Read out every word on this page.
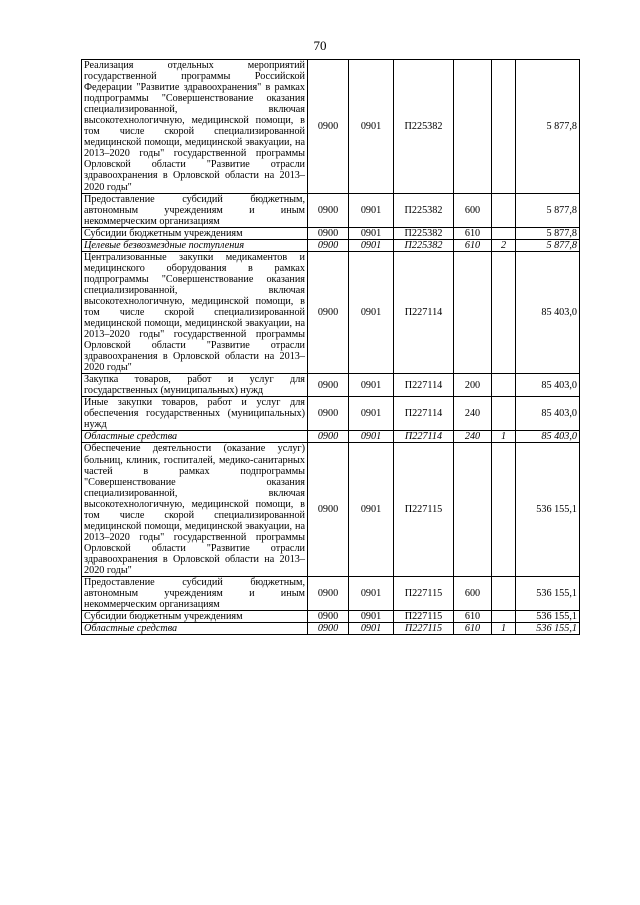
70
Реализация отдельных мероприятий государственной программы Российской Федерации "Развитие здравоохранения" в рамках подпрограммы "Совершенствование оказания специализированной, включая высокотехнологичную, медицинской помощи, в том числе скорой специализированной медицинской помощи, медицинской эвакуации, на 2013–2020 годы" государственной программы Орловской области "Развитие отрасли здравоохранения в Орловской области на 2013–2020 годы"	0900	0901	П225382			5 877,8
Предоставление субсидий бюджетным, автономным учреждениям и иным некоммерческим организациям	0900	0901	П225382	600		5 877,8
Субсидии бюджетным учреждениям	0900	0901	П225382	610		5 877,8
Целевые безвозмездные поступления	0900	0901	П225382	610	2	5 877,8
Централизованные закупки медикаментов и медицинского оборудования в рамках подпрограммы "Совершенствование оказания специализированной, включая высокотехнологичную, медицинской помощи, в том числе скорой специализированной медицинской помощи, медицинской эвакуации, на 2013–2020 годы" государственной программы Орловской области "Развитие отрасли здравоохранения в Орловской области на 2013–2020 годы"	0900	0901	П227114			85 403,0
Закупка товаров, работ и услуг для государственных (муниципальных) нужд	0900	0901	П227114	200		85 403,0
Иные закупки товаров, работ и услуг для обеспечения государственных (муниципальных) нужд	0900	0901	П227114	240		85 403,0
Областные средства	0900	0901	П227114	240	1	85 403,0
Обеспечение деятельности (оказание услуг) больниц, клиник, госпиталей, медико-санитарных частей в рамках подпрограммы "Совершенствование оказания специализированной, включая высокотехнологичную, медицинской помощи, в том числе скорой специализированной медицинской помощи, медицинской эвакуации, на 2013–2020 годы" государственной программы Орловской области "Развитие отрасли здравоохранения в Орловской области на 2013–2020 годы"	0900	0901	П227115			536 155,1
Предоставление субсидий бюджетным, автономным учреждениям и иным некоммерческим организациям	0900	0901	П227115	600		536 155,1
Субсидии бюджетным учреждениям	0900	0901	П227115	610		536 155,1
Областные средства	0900	0901	П227115	610	1	536 155,1
